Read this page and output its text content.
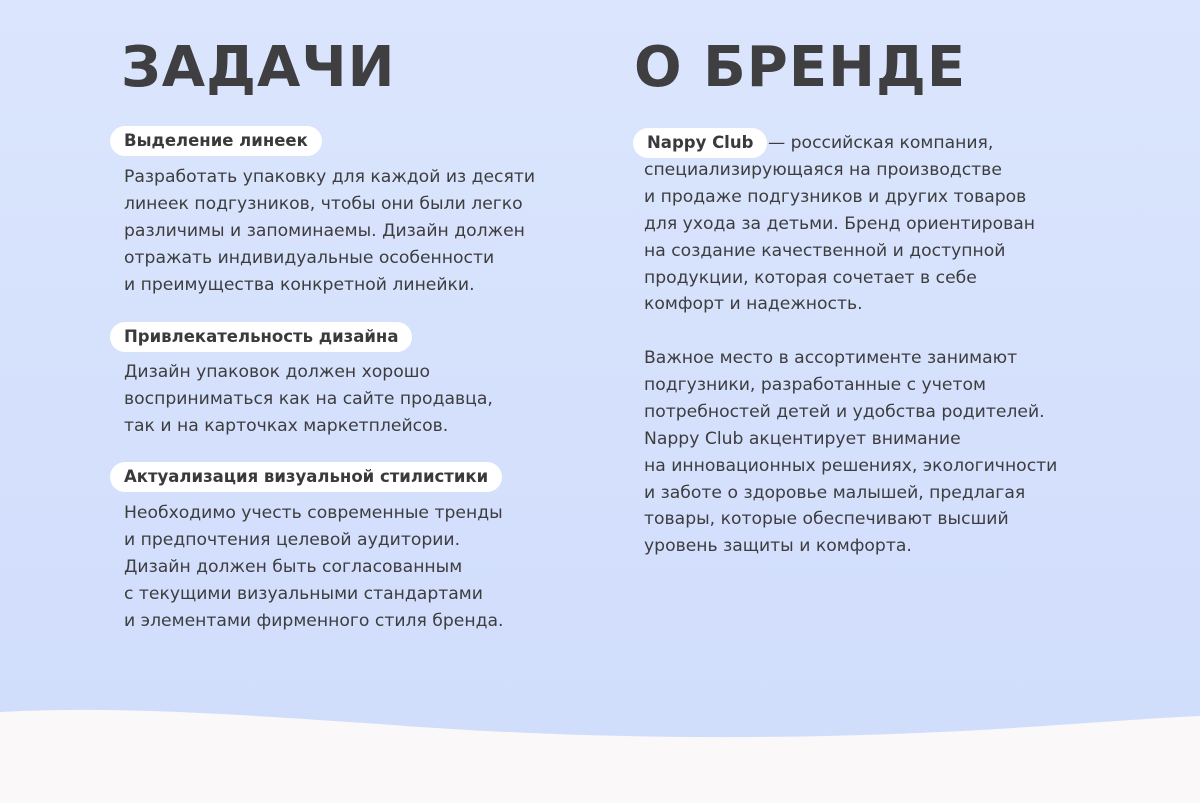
ЗАДАЧИ
Выделение линеек

Разработать упаковку для каждой из десяти
линеек подгузников, чтобы они были легко
различимы и запоминаемы. Дизайн должен
отражать индивидуальные особенности
и преимущества конкретной линейки.

Привлекательность дизайна

Дизайн упаковок должен хорошо
восприниматься как на сайте продавца,
так и на карточках маркетплейсов.

Актуализация визуальной стилистики

Необходимо учесть современные тренды
и предпочтения целевой аудитории.
Дизайн должен быть согласованным
с текущими визуальными стандартами
и элементами фирменного стиля бренда.

О БРЕНДЕ
Nappy Club — российская компания,
специализирующаяся на производстве
и продаже подгузников и других товаров
для ухода за детьми. Бренд ориентирован
на создание качественной и доступной
продукции, которая сочетает в себе
комфорт и надежность.

Важное место в ассортименте занимают
подгузники, разработанные с учетом
потребностей детей и удобства родителей.
Nappy Club акцентирует внимание
на инновационных решениях, экологичности
и заботе о здоровье малышей, предлагая
товары, которые обеспечивают высший
уровень защиты и комфорта.
